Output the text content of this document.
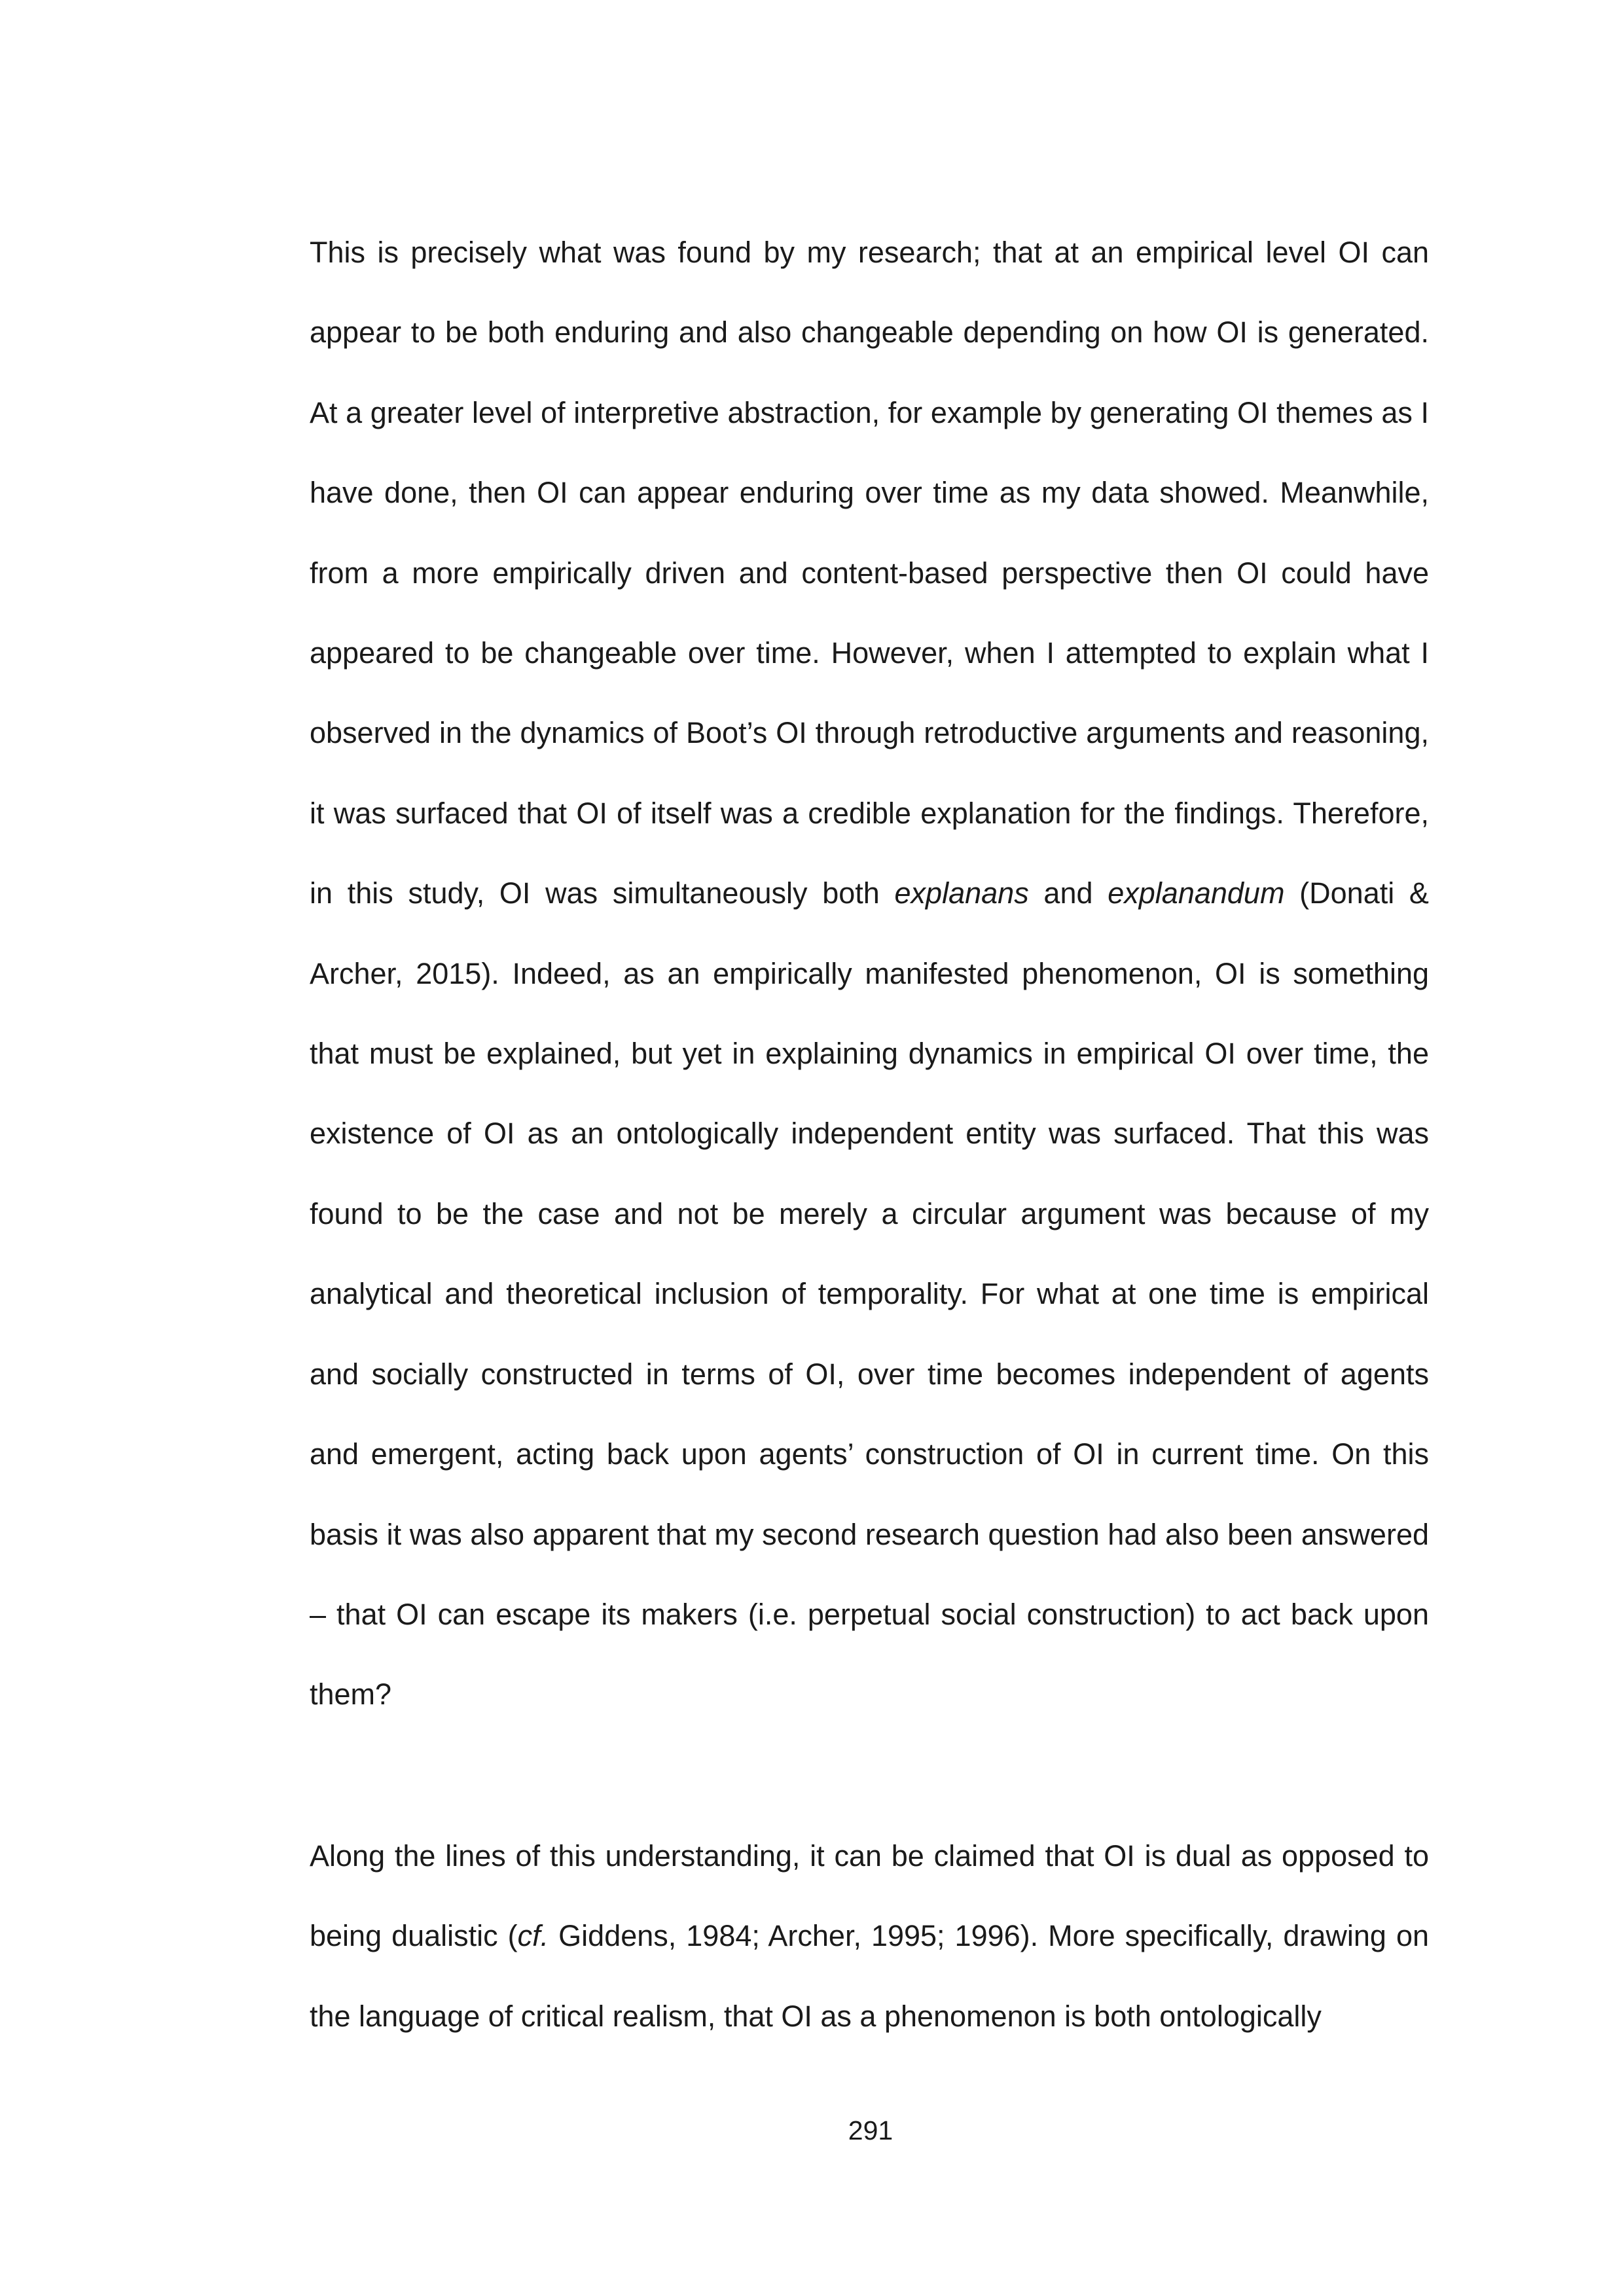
This is precisely what was found by my research; that at an empirical level OI can appear to be both enduring and also changeable depending on how OI is generated. At a greater level of interpretive abstraction, for example by generating OI themes as I have done, then OI can appear enduring over time as my data showed. Meanwhile, from a more empirically driven and content-based perspective then OI could have appeared to be changeable over time. However, when I attempted to explain what I observed in the dynamics of Boot’s OI through retroductive arguments and reasoning, it was surfaced that OI of itself was a credible explanation for the findings. Therefore, in this study, OI was simultaneously both explanans and explanandum (Donati & Archer, 2015). Indeed, as an empirically manifested phenomenon, OI is something that must be explained, but yet in explaining dynamics in empirical OI over time, the existence of OI as an ontologically independent entity was surfaced. That this was found to be the case and not be merely a circular argument was because of my analytical and theoretical inclusion of temporality. For what at one time is empirical and socially constructed in terms of OI, over time becomes independent of agents and emergent, acting back upon agents’ construction of OI in current time. On this basis it was also apparent that my second research question had also been answered – that OI can escape its makers (i.e. perpetual social construction) to act back upon them?

Along the lines of this understanding, it can be claimed that OI is dual as opposed to being dualistic (cf. Giddens, 1984; Archer, 1995; 1996). More specifically, drawing on the language of critical realism, that OI as a phenomenon is both ontologically

291
